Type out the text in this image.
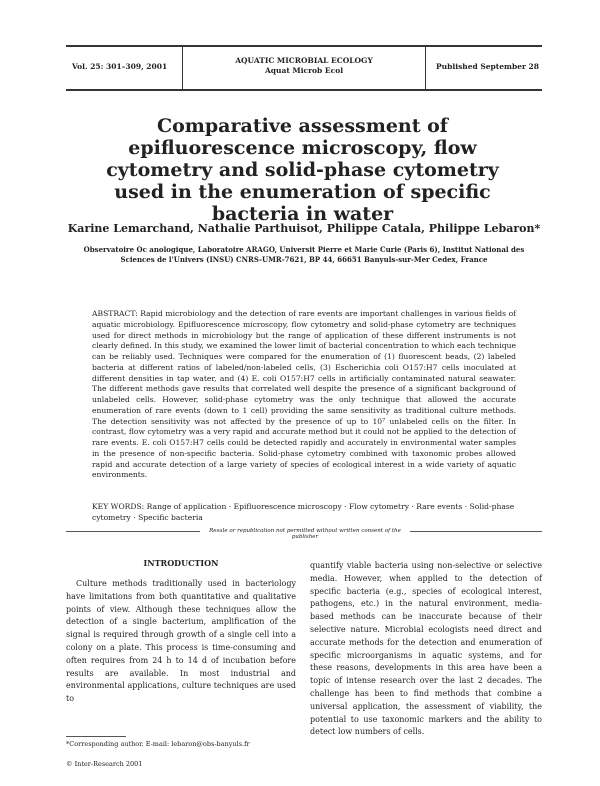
Vol. 25: 301–309, 2001
AQUATIC MICROBIAL ECOLOGY
Aquat Microb Ecol	Published September 28
Comparative assessment of epifluorescence microscopy, flow cytometry and solid-phase cytometry used in the enumeration of specific bacteria in water
Karine Lemarchand, Nathalie Parthuisot, Philippe Catala, Philippe Lebaron*
Observatoire Oc anologique, Laboratoire ARAGO, Universit Pierre et Marie Curie (Paris 6), Institut National des Sciences de l'Univers (INSU) CNRS-UMR-7621, BP 44, 66651 Banyuls-sur-Mer Cedex, France
ABSTRACT: Rapid microbiology and the detection of rare events are important challenges in various fields of aquatic microbiology. Epifluorescence microscopy, flow cytometry and solid-phase cytometry are techniques used for direct methods in microbiology but the range of application of these different instruments is not clearly defined. In this study, we examined the lower limit of bacterial concentration to which each technique can be reliably used. Techniques were compared for the enumeration of (1) fluorescent beads, (2) labeled bacteria at different ratios of labeled/non-labeled cells, (3) Escherichia coli O157:H7 cells inoculated at different densities in tap water, and (4) E. coli O157:H7 cells in artificially contaminated natural seawater. The different methods gave results that correlated well despite the presence of a significant background of unlabeled cells. However, solid-phase cytometry was the only technique that allowed the accurate enumeration of rare events (down to 1 cell) providing the same sensitivity as traditional culture methods. The detection sensitivity was not affected by the presence of up to 10⁷ unlabeled cells on the filter. In contrast, flow cytometry was a very rapid and accurate method but it could not be applied to the detection of rare events. E. coli O157:H7 cells could be detected rapidly and accurately in environmental water samples in the presence of non-specific bacteria. Solid-phase cytometry combined with taxonomic probes allowed rapid and accurate detection of a large variety of species of ecological interest in a wide variety of aquatic environments.
KEY WORDS: Range of application · Epifluorescence microscopy · Flow cytometry · Rare events · Solid-phase cytometry · Specific bacteria
Resale or republication not permitted without written consent of the publisher
INTRODUCTION
Culture methods traditionally used in bacteriology have limitations from both quantitative and qualitative points of view. Although these techniques allow the detection of a single bacterium, amplification of the signal is required through growth of a single cell into a colony on a plate. This process is time-consuming and often requires from 24 h to 14 d of incubation before results are available. In most industrial and environmental applications, culture techniques are used to
quantify viable bacteria using non-selective or selective media. However, when applied to the detection of specific bacteria (e.g., species of ecological interest, pathogens, etc.) in the natural environment, media-based methods can be inaccurate because of their selective nature. Microbial ecologists need direct and accurate methods for the detection and enumeration of specific microorganisms in aquatic systems, and for these reasons, developments in this area have been a topic of intense research over the last 2 decades. The challenge has been to find methods that combine a universal application, the assessment of viability, the potential to use taxonomic markers and the ability to detect low numbers of cells.
*Corresponding author. E-mail: lebaron@obs-banyuls.fr
© Inter-Research 2001
